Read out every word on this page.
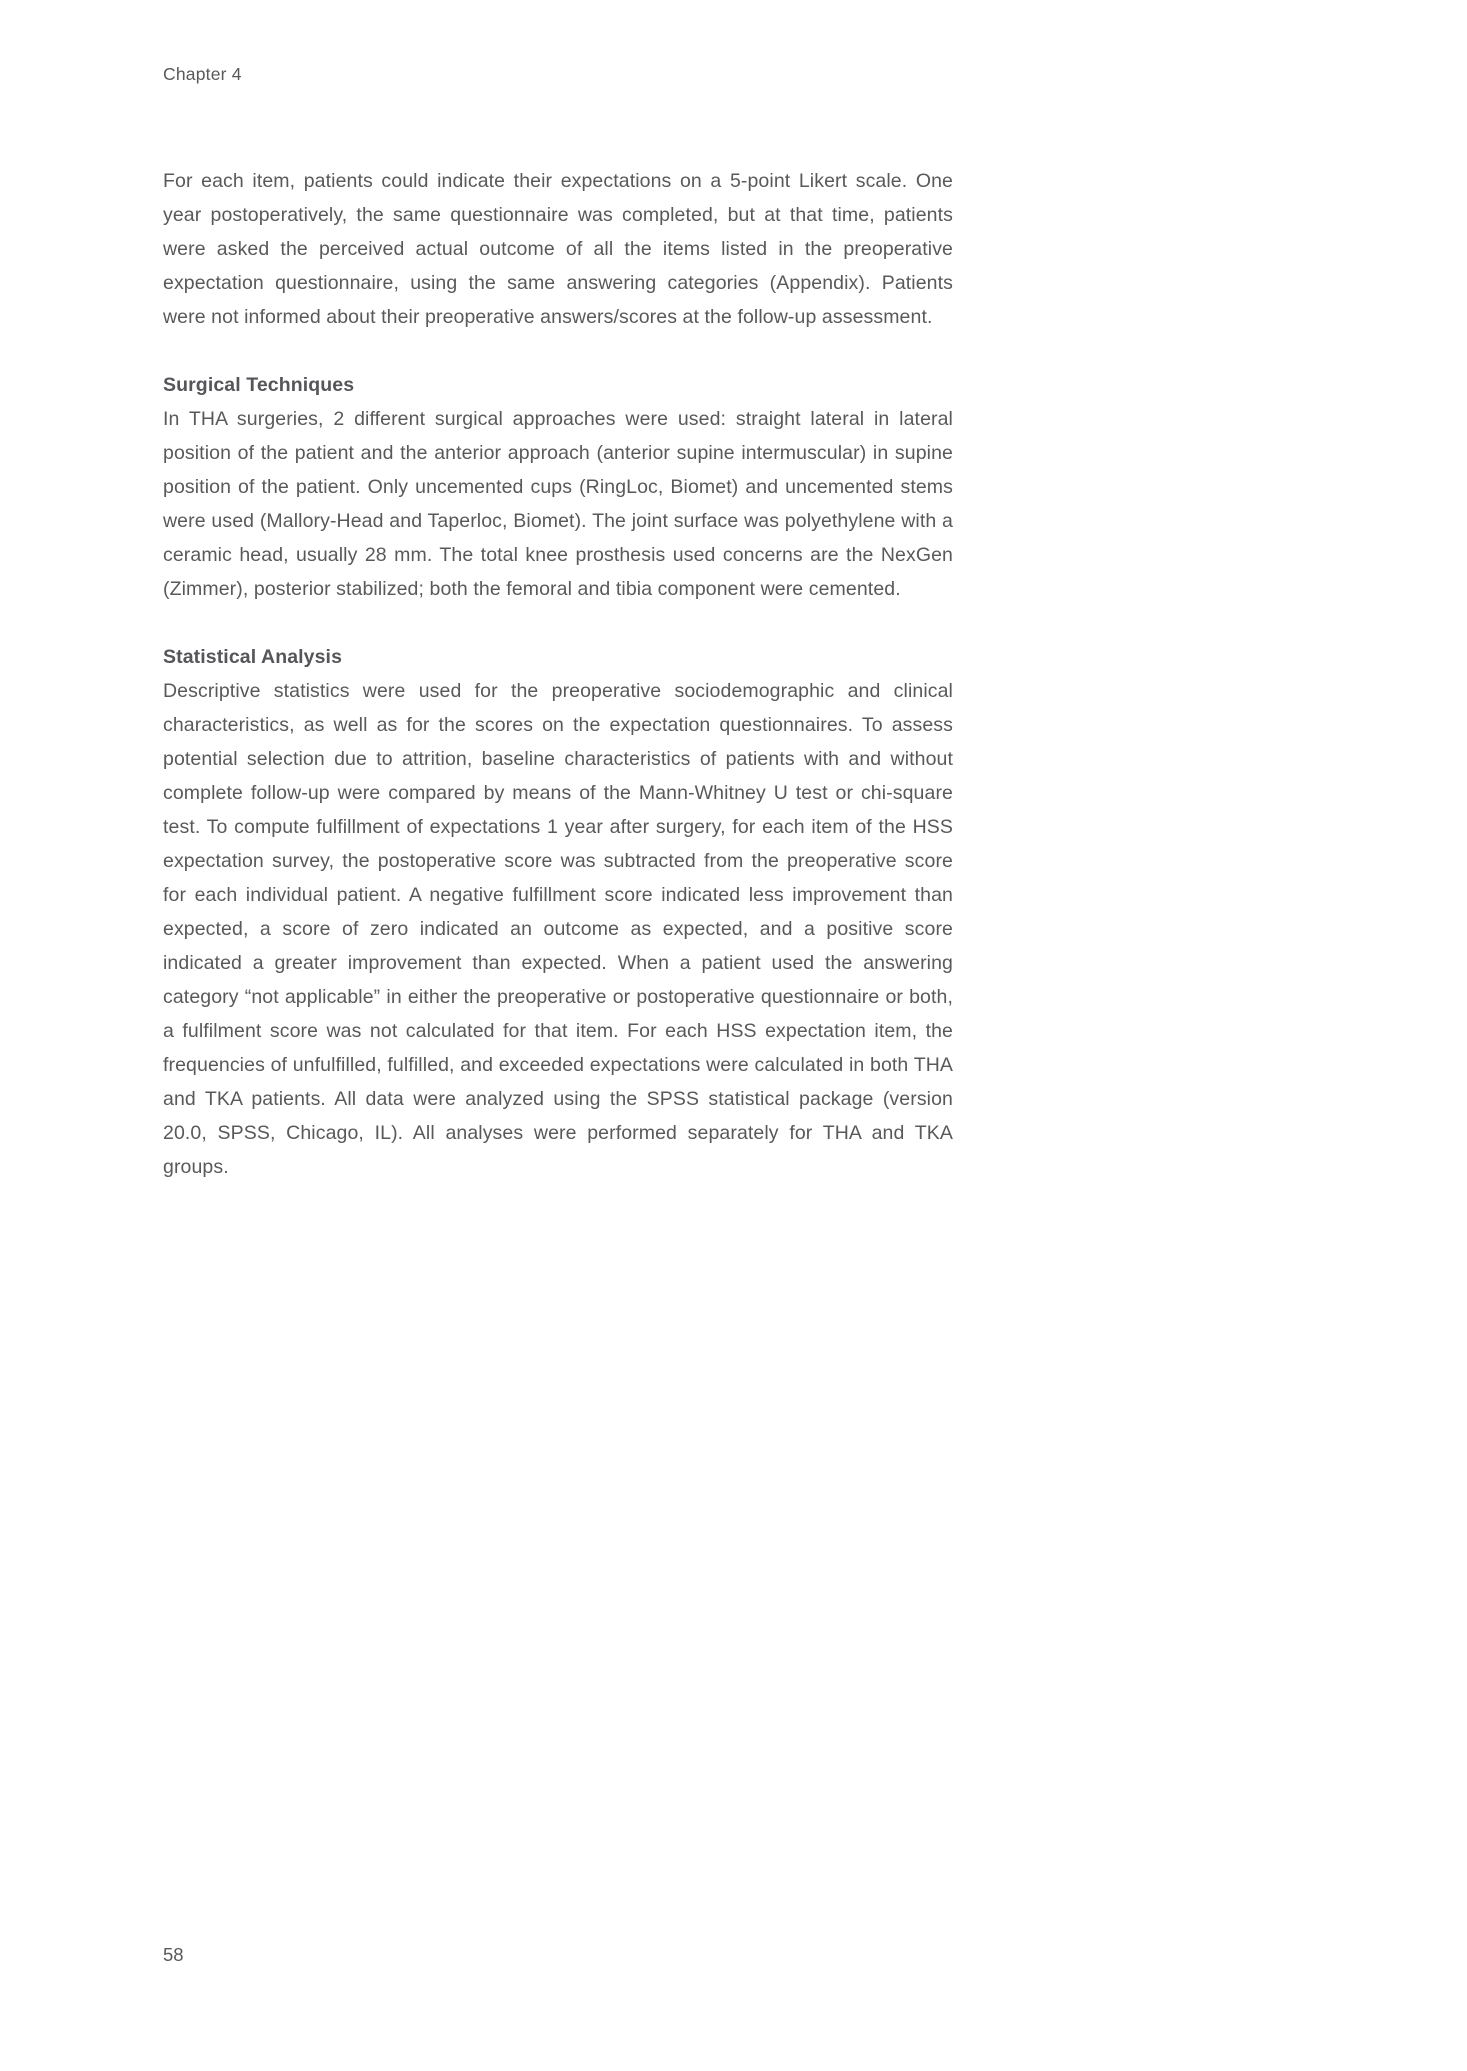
Chapter 4

For each item, patients could indicate their expectations on a 5-point Likert scale. One year postoperatively, the same questionnaire was completed, but at that time, patients were asked the perceived actual outcome of all the items listed in the preoperative expectation questionnaire, using the same answering categories (Appendix). Patients were not informed about their preoperative answers/scores at the follow-up assessment.

Surgical Techniques

In THA surgeries, 2 different surgical approaches were used: straight lateral in lateral position of the patient and the anterior approach (anterior supine intermuscular) in supine position of the patient. Only uncemented cups (RingLoc, Biomet) and uncemented stems were used (Mallory-Head and Taperloc, Biomet). The joint surface was polyethylene with a ceramic head, usually 28 mm. The total knee prosthesis used concerns are the NexGen (Zimmer), posterior stabilized; both the femoral and tibia component were cemented.

Statistical Analysis

Descriptive statistics were used for the preoperative sociodemographic and clinical characteristics, as well as for the scores on the expectation questionnaires. To assess potential selection due to attrition, baseline characteristics of patients with and without complete follow-up were compared by means of the Mann-Whitney U test or chi-square test. To compute fulfillment of expectations 1 year after surgery, for each item of the HSS expectation survey, the postoperative score was subtracted from the preoperative score for each individual patient. A negative fulfillment score indicated less improvement than expected, a score of zero indicated an outcome as expected, and a positive score indicated a greater improvement than expected. When a patient used the answering category “not applicable” in either the preoperative or postoperative questionnaire or both, a fulfilment score was not calculated for that item. For each HSS expectation item, the frequencies of unfulfilled, fulfilled, and exceeded expectations were calculated in both THA and TKA patients. All data were analyzed using the SPSS statistical package (version 20.0, SPSS, Chicago, IL). All analyses were performed separately for THA and TKA groups.

58
